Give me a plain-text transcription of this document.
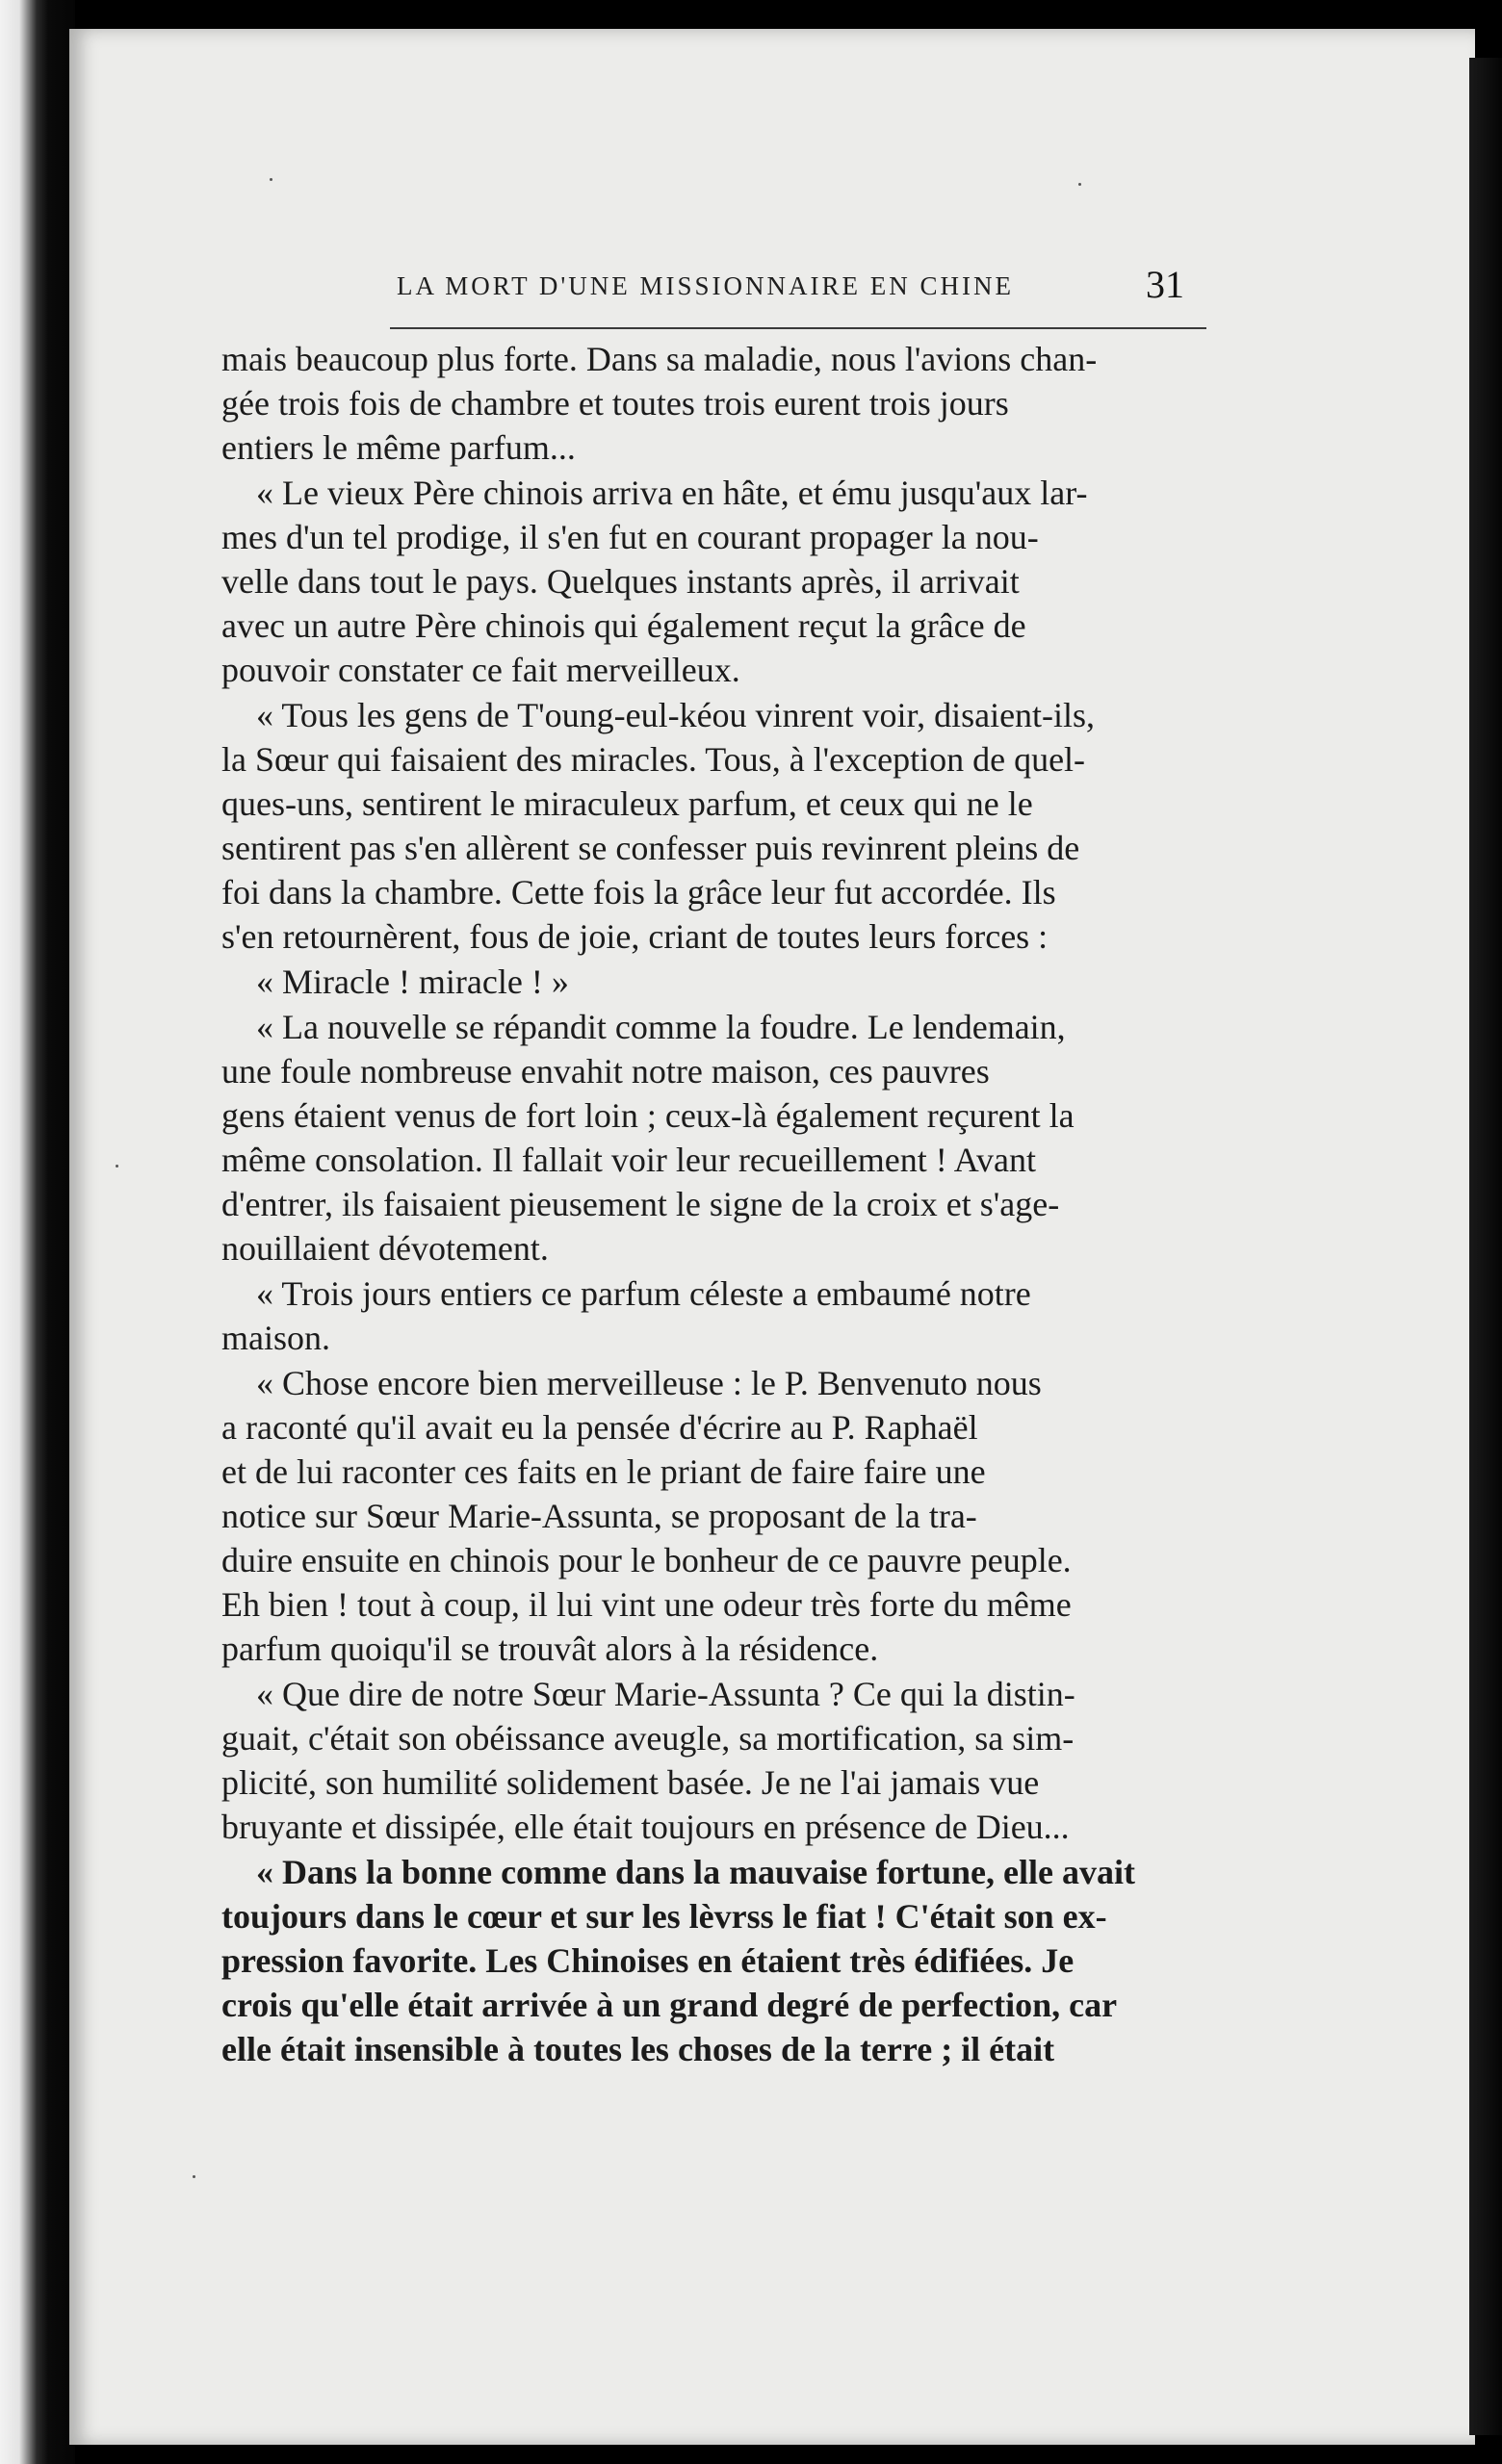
LA MORT D'UNE MISSIONNAIRE EN CHINE	31

mais beaucoup plus forte. Dans sa maladie, nous l'avions chan-
gée trois fois de chambre et toutes trois eurent trois jours
entiers le même parfum...

« Le vieux Père chinois arriva en hâte, et ému jusqu'aux lar-
mes d'un tel prodige, il s'en fut en courant propager la nou-
velle dans tout le pays. Quelques instants après, il arrivait
avec un autre Père chinois qui également reçut la grâce de
pouvoir constater ce fait merveilleux.

« Tous les gens de T'oung-eul-kéou vinrent voir, disaient-ils,
la Sœur qui faisaient des miracles. Tous, à l'exception de quel-
ques-uns, sentirent le miraculeux parfum, et ceux qui ne le
sentirent pas s'en allèrent se confesser puis revinrent pleins de
foi dans la chambre. Cette fois la grâce leur fut accordée. Ils
s'en retournèrent, fous de joie, criant de toutes leurs forces :

« Miracle ! miracle ! »

« La nouvelle se répandit comme la foudre. Le lendemain,
une foule nombreuse envahit notre maison, ces pauvres
gens étaient venus de fort loin ; ceux-là également reçurent la
même consolation. Il fallait voir leur recueillement ! Avant
d'entrer, ils faisaient pieusement le signe de la croix et s'age-
nouillaient dévotement.

« Trois jours entiers ce parfum céleste a embaumé notre
maison.

« Chose encore bien merveilleuse : le P. Benvenuto nous
a raconté qu'il avait eu la pensée d'écrire au P. Raphaël
et de lui raconter ces faits en le priant de faire faire une
notice sur Sœur Marie-Assunta, se proposant de la tra-
duire ensuite en chinois pour le bonheur de ce pauvre peuple.
Eh bien ! tout à coup, il lui vint une odeur très forte du même
parfum quoiqu'il se trouvât alors à la résidence.

« Que dire de notre Sœur Marie-Assunta ? Ce qui la distin-
guait, c'était son obéissance aveugle, sa mortification, sa sim-
plicité, son humilité solidement basée. Je ne l'ai jamais vue
bruyante et dissipée, elle était toujours en présence de Dieu...

« Dans la bonne comme dans la mauvaise fortune, elle avait
toujours dans le cœur et sur les lèvrss le fiat ! C'était son ex-
pression favorite. Les Chinoises en étaient très édifiées. Je
crois qu'elle était arrivée à un grand degré de perfection, car
elle était insensible à toutes les choses de la terre ; il était
